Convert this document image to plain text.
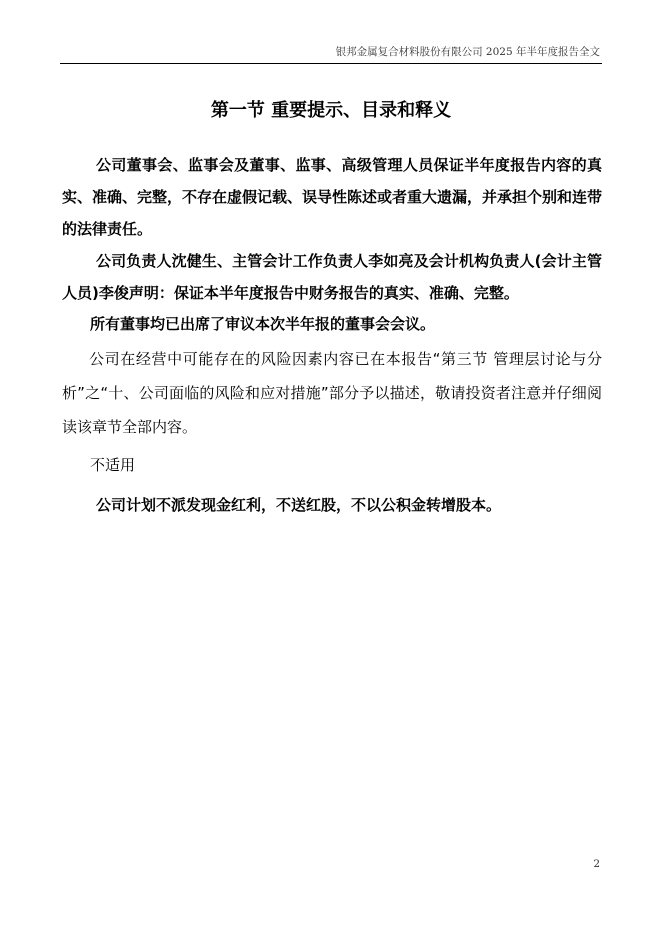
银邦金属复合材料股份有限公司 2025 年半年度报告全文
第一节 重要提示、目录和释义

公司董事会、监事会及董事、监事、高级管理人员保证半年度报告内容的真实、准确、完整，不存在虚假记载、误导性陈述或者重大遗漏，并承担个别和连带的法律责任。

公司负责人沈健生、主管会计工作负责人李如亮及会计机构负责人(会计主管人员)李俊声明：保证本半年度报告中财务报告的真实、准确、完整。

所有董事均已出席了审议本次半年报的董事会会议。

公司在经营中可能存在的风险因素内容已在本报告“第三节 管理层讨论与分析”之“十、公司面临的风险和应对措施”部分予以描述，敬请投资者注意并仔细阅读该章节全部内容。

不适用

公司计划不派发现金红利，不送红股，不以公积金转增股本。

2
